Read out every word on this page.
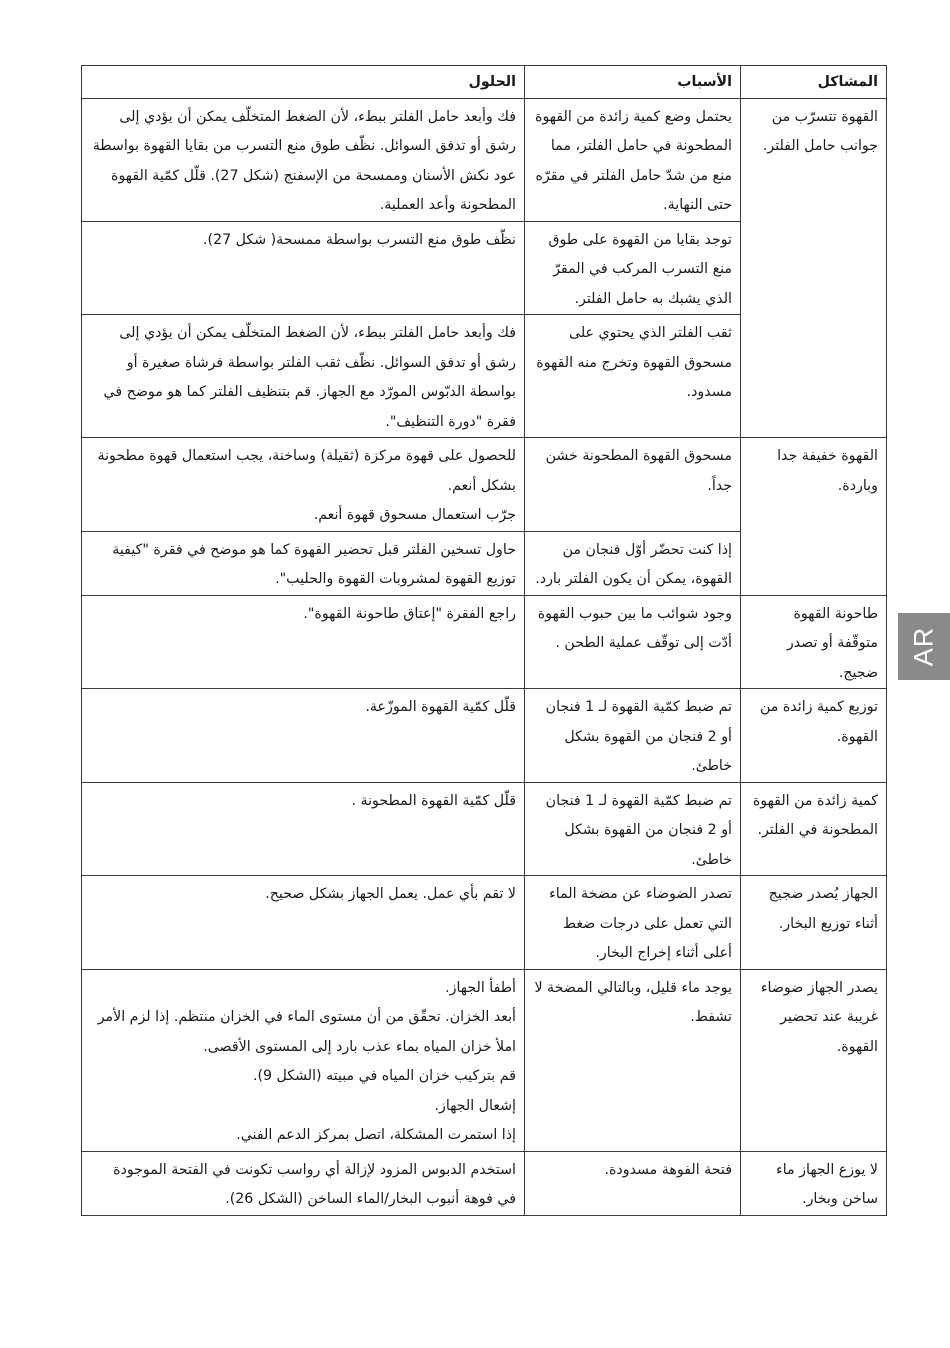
المشاكل	الأسباب	الحلول
القهوة تتسرّب من جوانب حامل الفلتر.	يحتمل وضع كمية زائدة من القهوة المطحونة في حامل الفلتر، مما منع من شدّ حامل الفلتر في مقرّه حتى النهاية.	فك وأبعد حامل الفلتر ببطء، لأن الضغط المتخلّف يمكن أن يؤدي إلى رشق أو تدفق السوائل. نظّف طوق منع التسرب من بقايا القهوة بواسطة عود نكش الأسنان وممسحة من الإسفنج (شكل 27). قلّل كمّية القهوة المطحونة وأعد العملية.

	توجد بقايا من القهوة على طوق منع التسرب المركب في المقرّ الذي يشبك به حامل الفلتر.	نظّف طوق منع التسرب بواسطة ممسحة( شكل 27).

	ثقب الفلتر الذي يحتوي على مسحوق القهوة وتخرج منه القهوة مسدود.	فك وأبعد حامل الفلتر ببطء، لأن الضغط المتخلّف يمكن أن يؤدي إلى رشق أو تدفق السوائل. نظّف ثقب الفلتر بواسطة فرشاة صغيرة أو بواسطة الدبّوس المورّد مع الجهاز. قم بتنظيف الفلتر كما هو موضح في فقرة "دورة التنظيف".

القهوة خفيفة جدا وباردة.	مسحوق القهوة المطحونة خشن جداً.	للحصول على قهوة مركزة (ثقيلة) وساخنة، يجب استعمال قهوة مطحونة بشكل أنعم.
جرّب استعمال مسحوق قهوة أنعم.

	إذا كنت تحضّر أوّل فنجان من القهوة، يمكن أن يكون الفلتر بارد.	حاول تسخين الفلتر قبل تحضير القهوة كما هو موضح في فقرة "كيفية توزيع القهوة لمشروبات القهوة والحليب".

طاحونة القهوة متوقّفة أو تصدر ضجيج.	وجود شوائب ما بين حبوب القهوة أدّت إلى توقّف عملية الطحن .	راجع الفقرة "إعتاق طاحونة القهوة".

توزيع كمية زائدة من القهوة.	تم ضبط كمّية القهوة لـ 1 فنجان أو 2 فنجان من القهوة بشكل خاطئ.	قلّل كمّية القهوة الموزّعة.

كمية زائدة من القهوة المطحونة في الفلتر.	تم ضبط كمّية القهوة لـ 1 فنجان أو 2 فنجان من القهوة بشكل خاطئ.	قلّل كمّية القهوة المطحونة .

الجهاز يُصدر ضجيج أثناء توزيع البخار.	تصدر الضوضاء عن مضخة الماء التي تعمل على درجات ضغط أعلى أثناء إخراج البخار.	لا تقم بأي عمل. يعمل الجهاز بشكل صحيح.

يصدر الجهاز ضوضاء غريبة عند تحضير القهوة.	يوجد ماء قليل، وبالتالي المضخة لا تشفط.	أطفأ الجهاز.
أبعد الخزان. تحقّق من أن مستوى الماء في الخزان منتظم. إذا لزم الأمر املأ خزان المياه بماء عذب بارد إلى المستوى الأقصى.
قم بتركيب خزان المياه في مبيته (الشكل 9).
إشعال الجهاز.
إذا استمرت المشكلة، اتصل بمركز الدعم الفني.

لا يوزع الجهاز ماء ساخن وبخار.	فتحة الفوهة مسدودة.	استخدم الدبوس المزود لإزالة أي رواسب تكونت في الفتحة الموجودة في فوهة أنبوب البخار/الماء الساخن (الشكل 26).
AR
